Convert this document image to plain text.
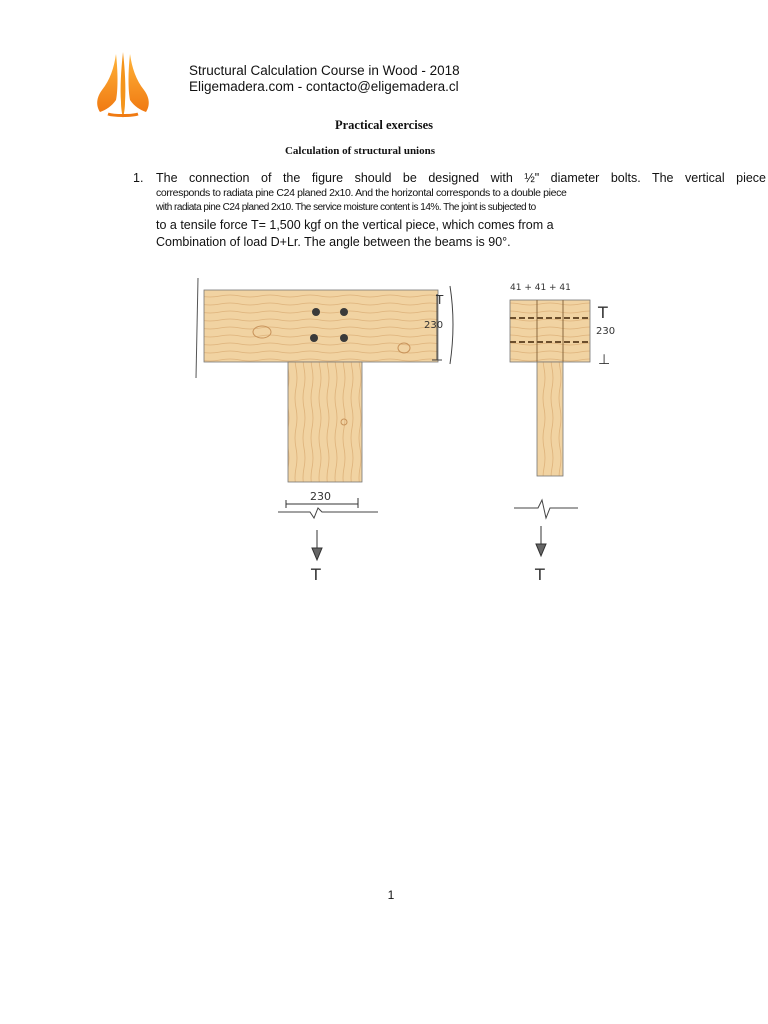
Structural Calculation Course in Wood - 2018
Eligemadera.com - contacto@eligemadera.cl
Practical exercises
Calculation of structural unions
1. The connection of the figure should be designed with ½" diameter bolts. The vertical piece
corresponds to radiata pine C24 planed 2x10. And the horizontal corresponds to a double piece
with radiata pine C24 planed 2x10. The service moisture content is 14%. The joint is subjected to
to a tensile force T= 1,500 kgf on the vertical piece, which comes from a
Combination of load D+Lr. The angle between the beams is 90°.
T
230
230
T
41 + 41 + 41
T
230
⊥
T
1
